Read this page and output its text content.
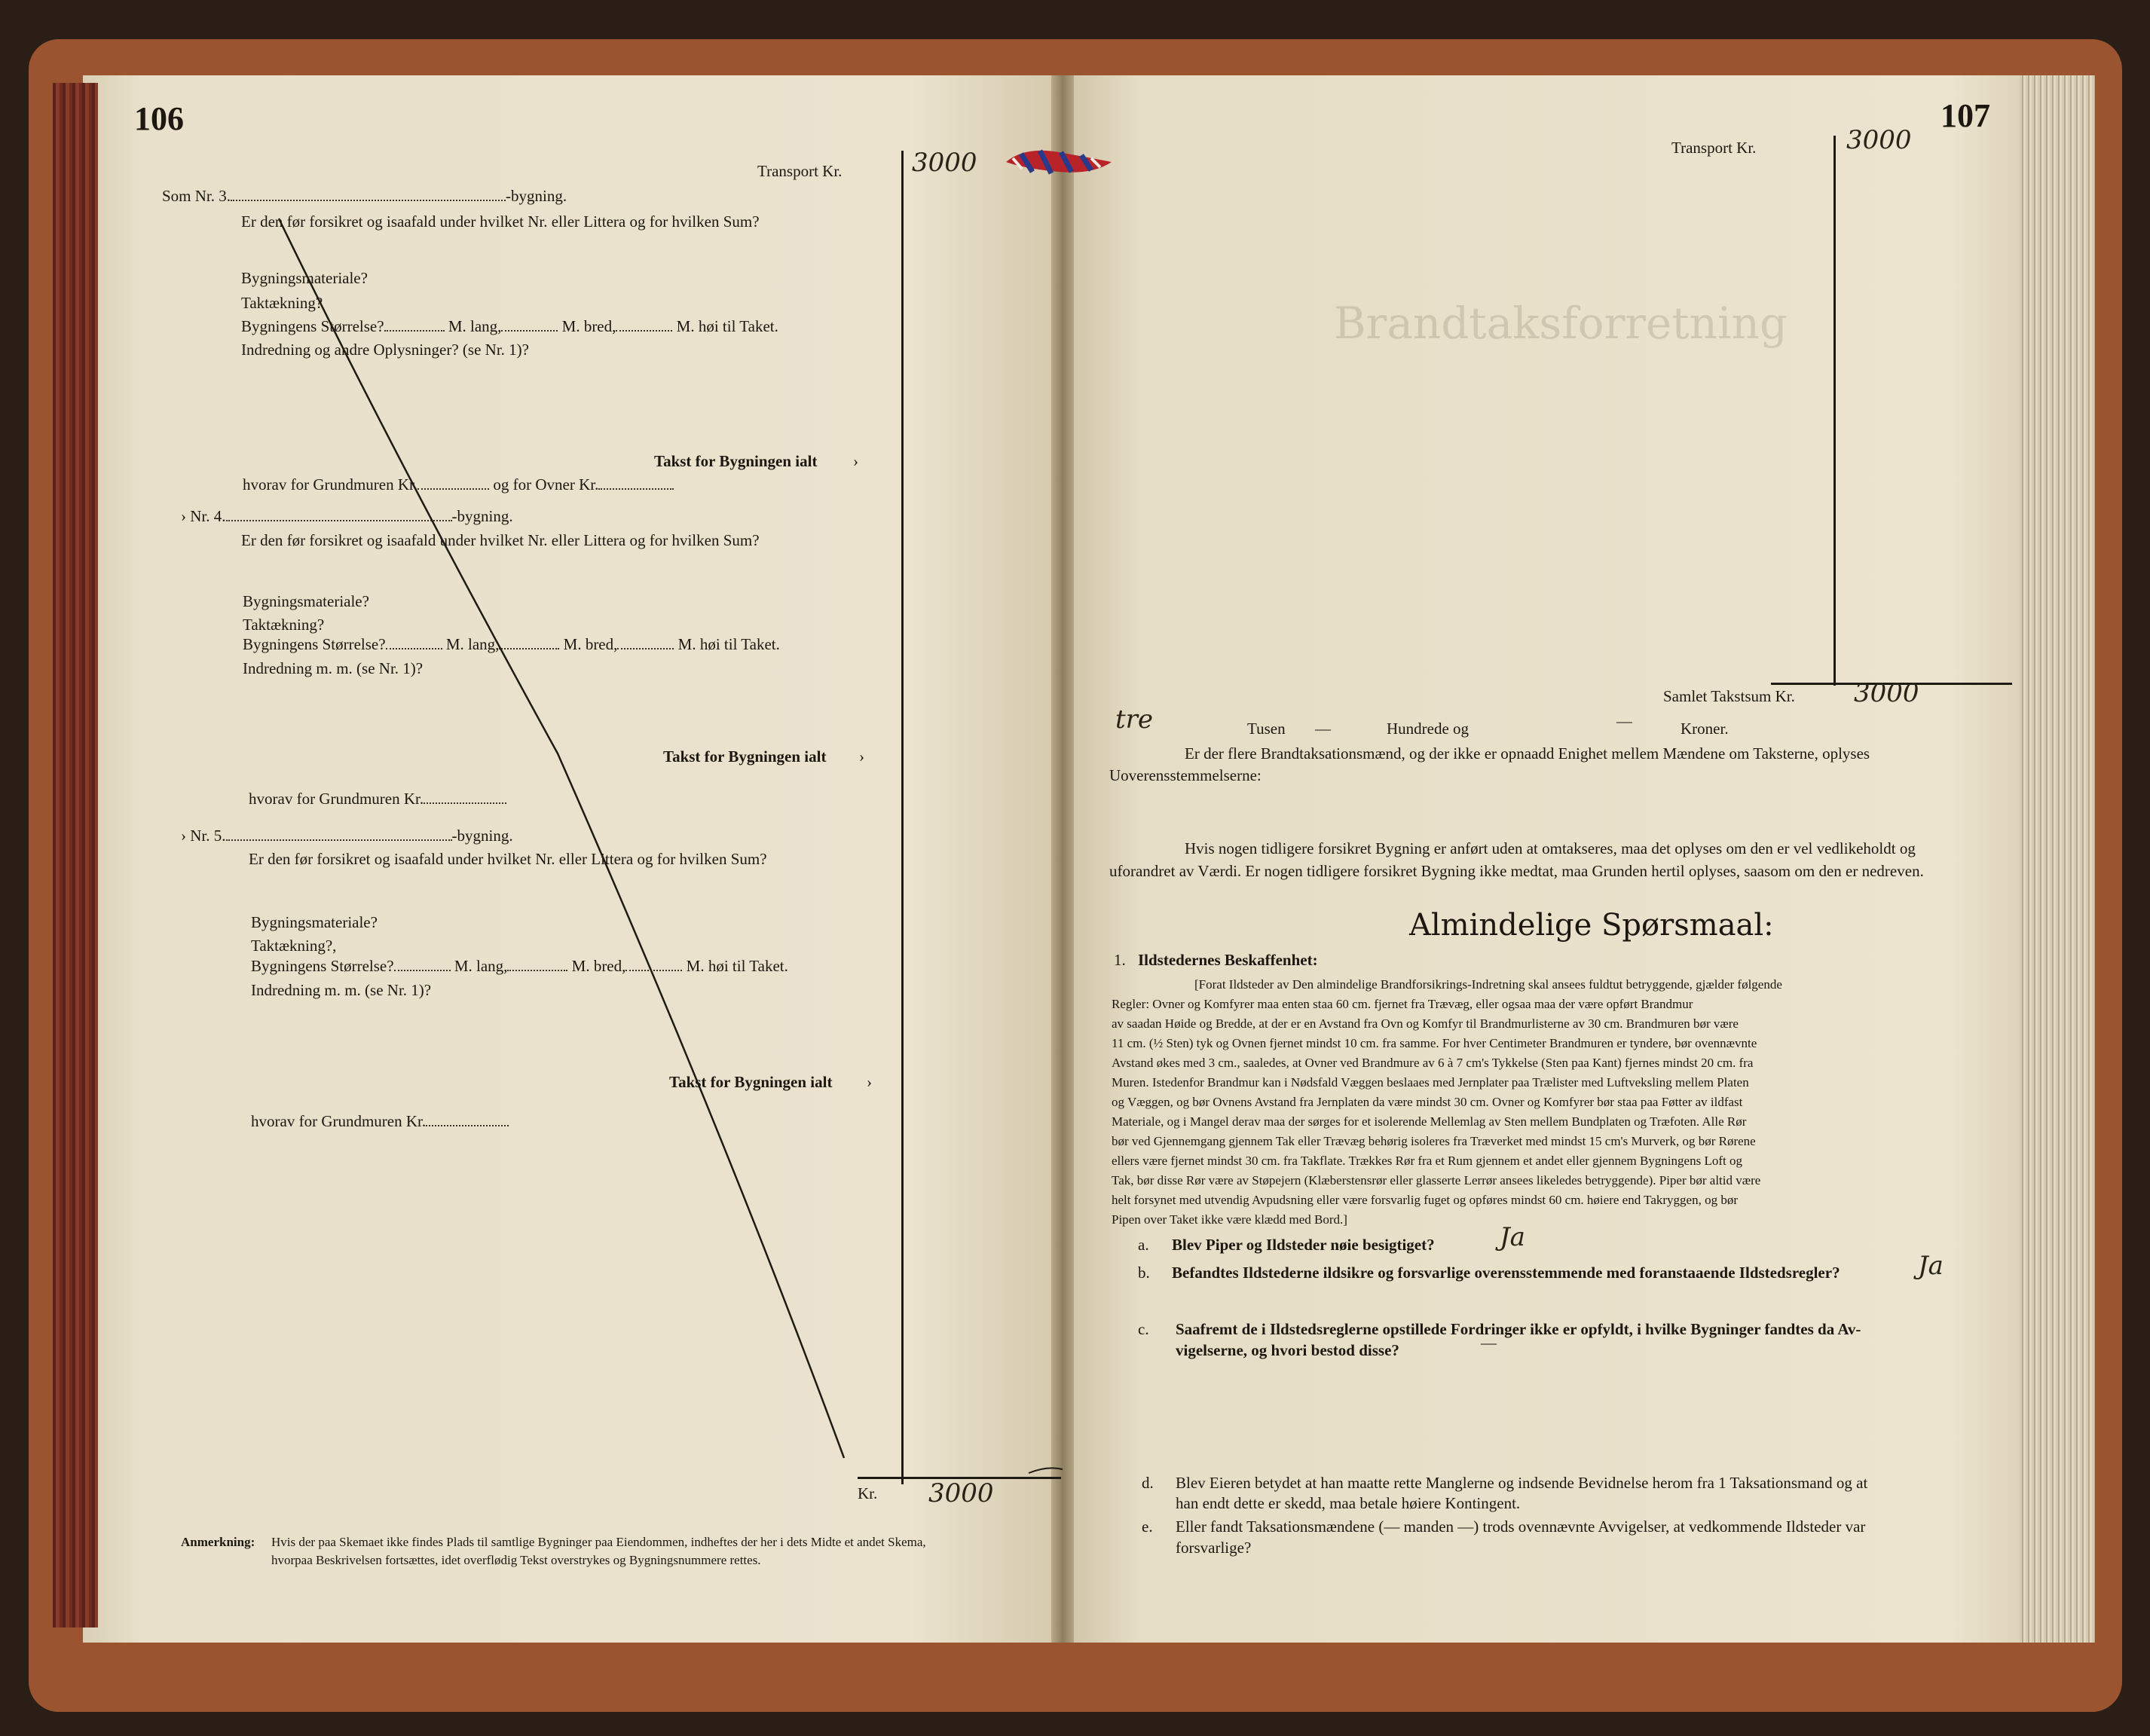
Brandtaksforretning
106
Transport Kr.	3000
Som Nr. 3.	-bygning.
Er den før forsikret og isaafald under hvilket Nr. eller Littera og for hvilken Sum?
Bygningsmateriale?
Taktækning?
Bygningens Størrelse?	M. lang,	M. bred,	M. høi til Taket.
Indredning og andre Oplysninger? (se Nr. 1)?
Takst for Bygningen ialt ›
hvorav for Grundmuren Kr.	og for Ovner Kr.
› Nr. 4.	-bygning.
Er den før forsikret og isaafald under hvilket Nr. eller Littera og for hvilken Sum?
Bygningsmateriale?
Taktækning?
Bygningens Størrelse?	M. lang,	M. bred,	M. høi til Taket.
Indredning m. m. (se Nr. 1)?
Takst for Bygningen ialt ›
hvorav for Grundmuren Kr.
› Nr. 5.	-bygning.
Er den før forsikret og isaafald under hvilket Nr. eller Littera og for hvilken Sum?
Bygningsmateriale?
Taktækning?,
Bygningens Størrelse?	M. lang,	M. bred,	M. høi til Taket.
Indredning m. m. (se Nr. 1)?
Takst for Bygningen ialt ›
hvorav for Grundmuren Kr.
Kr. 3000
Anmerkning: Hvis der paa Skemaet ikke findes Plads til samtlige Bygninger paa Eiendommen, indheftes der her i dets Midte et andet Skema,
hvorpaa Beskrivelsen fortsættes, idet overflødig Tekst overstrykes og Bygningsnummere rettes.
107
Transport Kr.	3000
Samlet Takstsum Kr. 3000
tre	Tusen —	Hundrede og	—	Kroner.
Er der flere Brandtaksationsmænd, og der ikke er opnaadd Enighet mellem Mændene om Taksterne, oplyses
Uoverensstemmelserne:
Hvis nogen tidligere forsikret Bygning er anført uden at omtakseres, maa det oplyses om den er vel vedlikeholdt og
uforandret av Værdi. Er nogen tidligere forsikret Bygning ikke medtat, maa Grunden hertil oplyses, saasom om den er nedreven.
Almindelige Spørsmaal:
1. Ildstedernes Beskaffenhet:
[Forat Ildsteder av Den almindelige Brandforsikrings-Indretning skal ansees fuldtut betryggende, gjælder følgende
Regler: Ovner og Komfyrer maa enten staa 60 cm. fjernet fra Trævæg, eller ogsaa maa der være opført Brandmur
av saadan Høide og Bredde, at der er en Avstand fra Ovn og Komfyr til Brandmurlisterne av 30 cm. Brandmuren bør være
11 cm. (½ Sten) tyk og Ovnen fjernet mindst 10 cm. fra samme. For hver Centimeter Brandmuren er tyndere, bør ovennævnte
Avstand økes med 3 cm., saaledes, at Ovner ved Brandmure av 6 à 7 cm's Tykkelse (Sten paa Kant) fjernes mindst 20 cm. fra
Muren. Istedenfor Brandmur kan i Nødsfald Væggen beslaaes med Jernplater paa Trælister med Luftveksling mellem Platen
og Væggen, og bør Ovnens Avstand fra Jernplaten da være mindst 30 cm. Ovner og Komfyrer bør staa paa Føtter av ildfast
Materiale, og i Mangel derav maa der sørges for et isolerende Mellemlag av Sten mellem Bundplaten og Træfoten. Alle Rør
bør ved Gjennemgang gjennem Tak eller Trævæg behørig isoleres fra Træverket med mindst 15 cm's Murverk, og bør Rørene
ellers være fjernet mindst 30 cm. fra Takflate. Trækkes Rør fra et Rum gjennem et andet eller gjennem Bygningens Loft og
Tak, bør disse Rør være av Støpejern (Klæberstensrør eller glasserte Lerrør ansees likeledes betryggende). Piper bør altid være
helt forsynet med utvendig Avpudsning eller være forsvarlig fuget og opføres mindst 60 cm. høiere end Takryggen, og bør
Pipen over Taket ikke være klædd med Bord.]
a. Blev Piper og Ildsteder nøie besigtiget?	Ja
b. Befandtes Ildstederne ildsikre og forsvarlige overensstemmende med foranstaaende Ildstedsregler?	Ja
c. Saafremt de i Ildstedsreglerne opstillede Fordringer ikke er opfyldt, i hvilke Bygninger fandtes da Av-
vigelserne, og hvori bestod disse?	—
d. Blev Eieren betydet at han maatte rette Manglerne og indsende Bevidnelse herom fra 1 Taksationsmand og at
han endt dette er skedd, maa betale høiere Kontingent.
e. Eller fandt Taksationsmændene (— manden —) trods ovennævnte Avvigelser, at vedkommende Ildsteder var
forsvarlige?
